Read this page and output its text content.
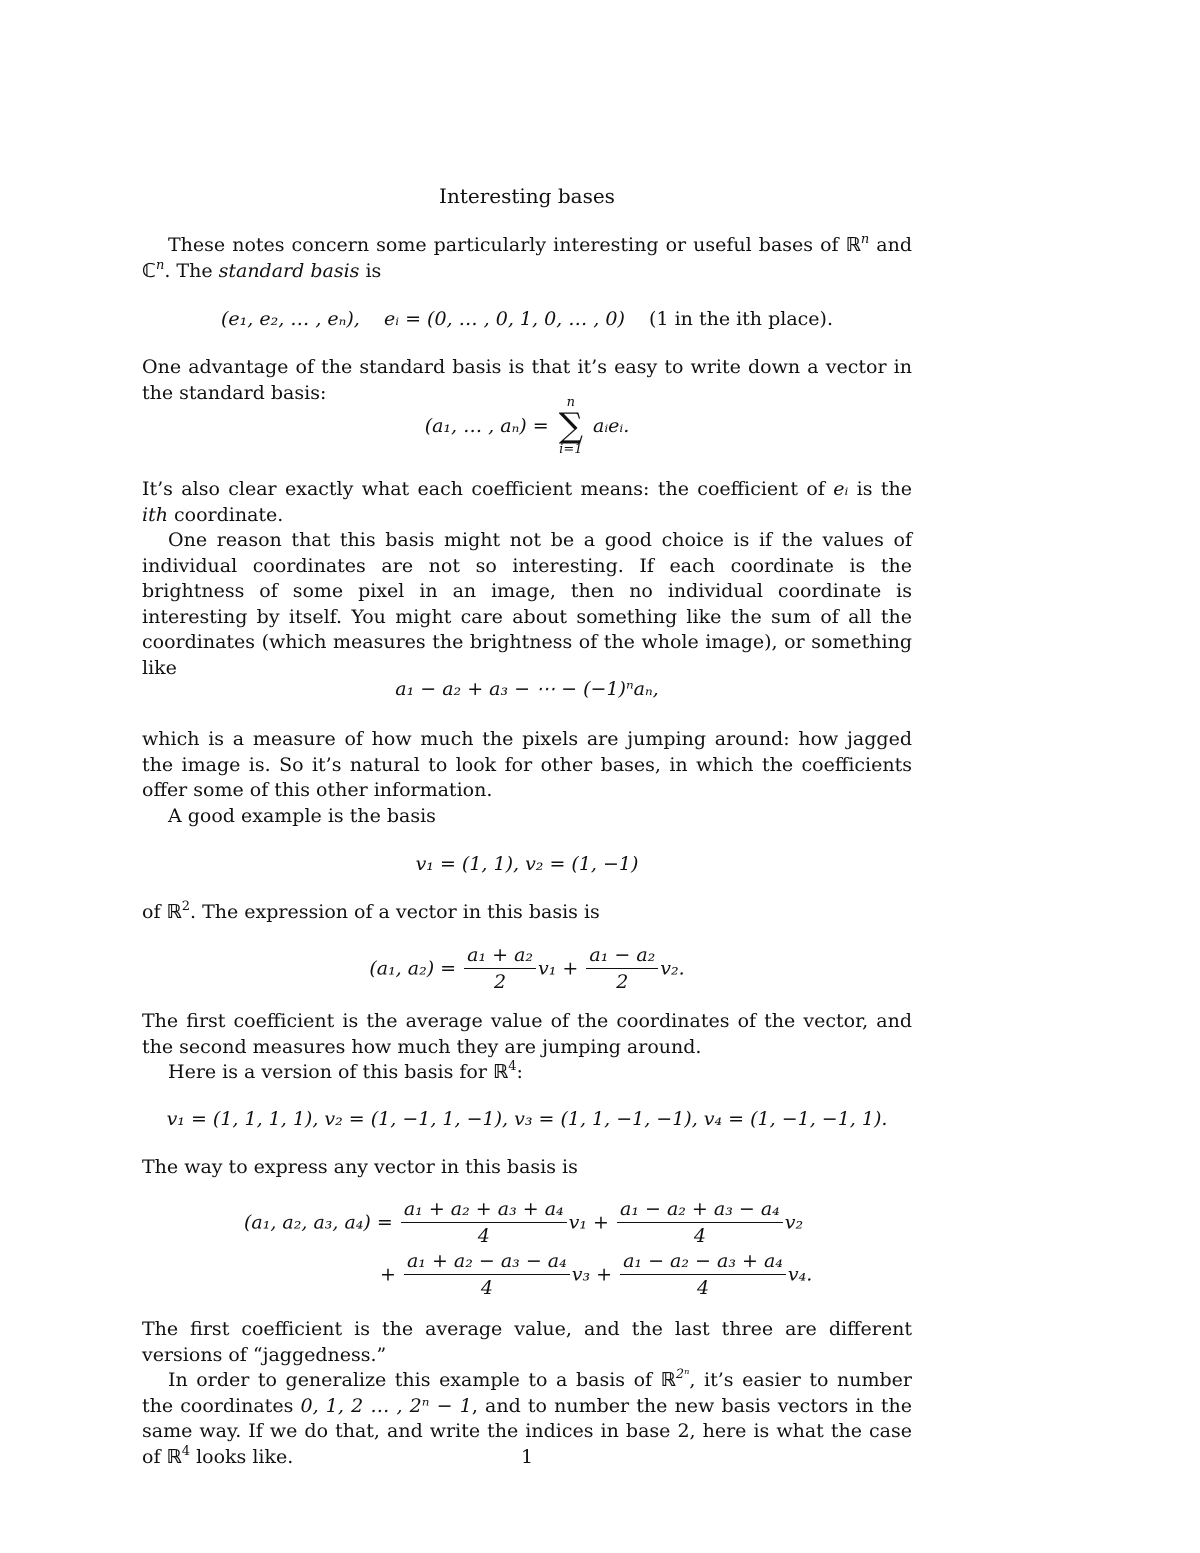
Interesting bases

These notes concern some particularly interesting or useful bases of ℝ$^n$ and ℂ$^n$. The standard basis is

(e₁, e₂, … , eₙ), eᵢ = (0, … , 0, 1, 0, … , 0) (1 in the ith place).

One advantage of the standard basis is that it’s easy to write down a vector in the standard basis:

(a₁, … , aₙ) =
n
∑
i=1
aᵢeᵢ.

It’s also clear exactly what each coefficient means: the coefficient of eᵢ is the ith coordinate.

One reason that this basis might not be a good choice is if the values of individual coordinates are not so interesting. If each coordinate is the brightness of some pixel in an image, then no individual coordinate is interesting by itself. You might care about something like the sum of all the coordinates (which measures the brightness of the whole image), or something like

a₁ − a₂ + a₃ − ⋯ − (−1)ⁿaₙ,

which is a measure of how much the pixels are jumping around: how jagged the image is. So it’s natural to look for other bases, in which the coefficients offer some of this other information.

A good example is the basis

v₁ = (1, 1), v₂ = (1, −1)

of ℝ$^2$. The expression of a vector in this basis is

(a₁, $a_2) = \frac{\text{a₁ + a₂}}{2} v_1 + \frac{\text{a₁ − a₂}}{2} v_2$.

The first coefficient is the average value of the coordinates of the vector, and the second measures how much they are jumping around.

Here is a version of this basis for ℝ$^4$:

v₁ = (1, 1, 1, 1), v₂ = (1, −1, 1, −1), v₃ = (1, 1, −1, −1), v₄ = (1, −1, −1, 1).

The way to express any vector in this basis is

(a₁, a₂, a₃, $a_4) = \frac{\text{a₁ + a₂ + a₃ + a₄}}{4} v_1 + \frac{\text{a₁ − a₂ + a₃ − a₄}}{4} v_2$
+ $\frac{\text{a₁ + a₂ − a₃ − a₄}}{4} v_3 + \frac{\text{a₁ − a₂ − a₃ + a₄}}{4} v_4$.

The first coefficient is the average value, and the last three are different versions of “jaggedness.”

In order to generalize this example to a basis of ℝ$^{2^n}$, it’s easier to number the coordinates 0, 1, 2 … , 2ⁿ − 1, and to number the new basis vectors in the same way. If we do that, and write the indices in base 2, here is what the case of ℝ$^4$ looks like.	1
